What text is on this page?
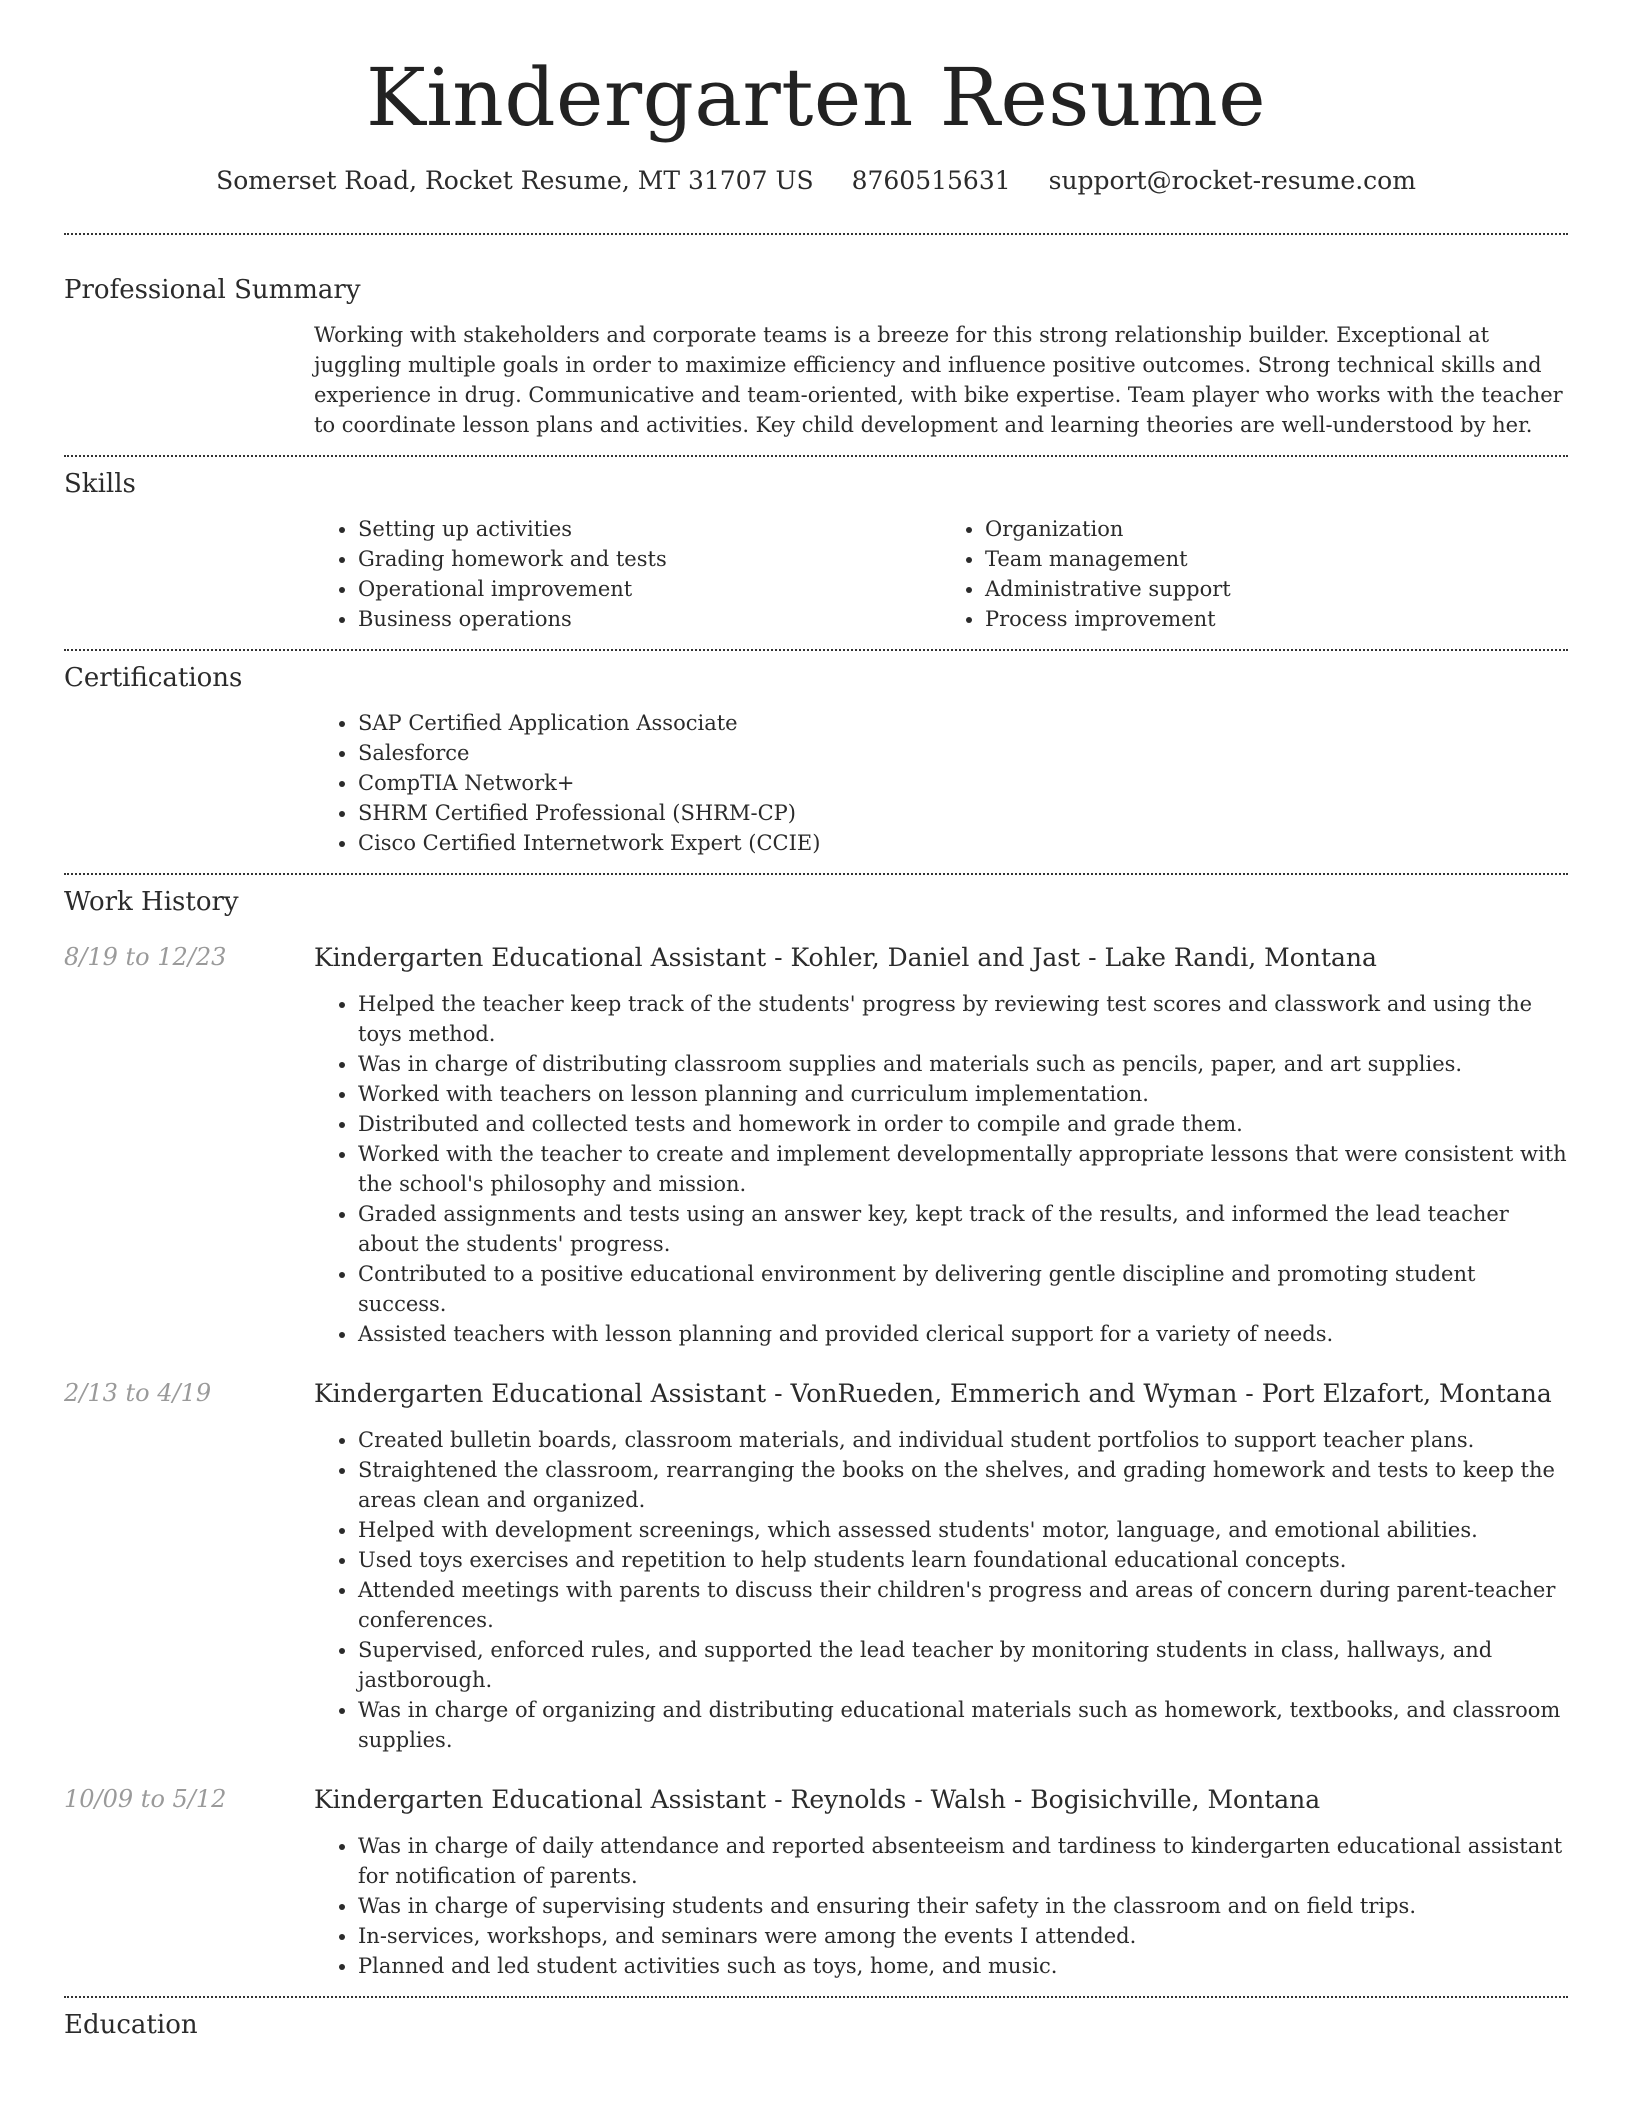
Kindergarten Resume
Somerset Road, Rocket Resume, MT 31707 US 8760515631 support@rocket-resume.com
Professional Summary

Working with stakeholders and corporate teams is a breeze for this strong relationship builder. Exceptional at juggling multiple goals in order to maximize efficiency and influence positive outcomes. Strong technical skills and experience in drug. Communicative and team-oriented, with bike expertise. Team player who works with the teacher to coordinate lesson plans and activities. Key child development and learning theories are well-understood by her.

Skills
• Setting up activities
• Grading homework and tests
• Operational improvement
• Business operations
• Organization
• Team management
• Administrative support
• Process improvement
Certifications
• SAP Certified Application Associate
• Salesforce
• CompTIA Network+
• SHRM Certified Professional (SHRM-CP)
• Cisco Certified Internetwork Expert (CCIE)
Work History
8/19 to 12/23	Kindergarten Educational Assistant - Kohler, Daniel and Jast - Lake Randi, Montana
• Helped the teacher keep track of the students' progress by reviewing test scores and classwork and using the toys method.
• Was in charge of distributing classroom supplies and materials such as pencils, paper, and art supplies.
• Worked with teachers on lesson planning and curriculum implementation.
• Distributed and collected tests and homework in order to compile and grade them.
• Worked with the teacher to create and implement developmentally appropriate lessons that were consistent with the school's philosophy and mission.
• Graded assignments and tests using an answer key, kept track of the results, and informed the lead teacher about the students' progress.
• Contributed to a positive educational environment by delivering gentle discipline and promoting student success.
• Assisted teachers with lesson planning and provided clerical support for a variety of needs.
2/13 to 4/19	Kindergarten Educational Assistant - VonRueden, Emmerich and Wyman - Port Elzafort, Montana
• Created bulletin boards, classroom materials, and individual student portfolios to support teacher plans.
• Straightened the classroom, rearranging the books on the shelves, and grading homework and tests to keep the areas clean and organized.
• Helped with development screenings, which assessed students' motor, language, and emotional abilities.
• Used toys exercises and repetition to help students learn foundational educational concepts.
• Attended meetings with parents to discuss their children's progress and areas of concern during parent-teacher conferences.
• Supervised, enforced rules, and supported the lead teacher by monitoring students in class, hallways, and jastborough.
• Was in charge of organizing and distributing educational materials such as homework, textbooks, and classroom supplies.
10/09 to 5/12	Kindergarten Educational Assistant - Reynolds - Walsh - Bogisichville, Montana
• Was in charge of daily attendance and reported absenteeism and tardiness to kindergarten educational assistant for notification of parents.
• Was in charge of supervising students and ensuring their safety in the classroom and on field trips.
• In-services, workshops, and seminars were among the events I attended.
• Planned and led student activities such as toys, home, and music.
Education
